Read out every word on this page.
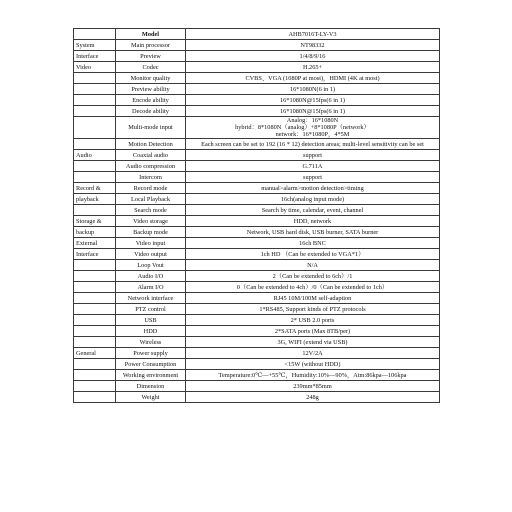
	Model	AHB7016T-LY-V3
System	Main processor	NT98332
Interface	Preview	1/4/8/9/16
Video	Codec	H.265+
	Monitor quality	CVBS、VGA (1080P at most)，HDMI (4K at most)
	Preview ability	16*1080N(6 in 1)
	Encode ability	16*1080N@15fps(6 in 1)
	Decode ability	16*1080N@15fps(6 in 1)
	Multi-mode input	Analog：16*1080N
hybrid：8*1080N（analog）+8*1080P（network）
network：16*1080P，4*5M

	Motion Detection	Each screen can be set to 192 (16 * 12) detection areas; multi-level sensitivity can be set
Audio	Coaxial audio	support
	Audio compression	G.711A
	Intercom	support
Record &	Record mode	manual>alarm>motion detection>timing
playback	Local Playback	16ch(analog input mode)
	Search mode	Search by time, calendar, event, channel
Storage &	Video storage	HDD, network
backup	Backup mode	Network, USB hard disk, USB burner, SATA burner
External	Video input	16ch BNC
Interface	Video output	1ch HD （Can be extended to VGA*1）
	Loop Vout	N/A
	Audio I/O	2（Can be extended to 6ch）/1
	Alarm I/O	0（Can be extended to 4ch）/0（Can be extended to 1ch）
	Network interface	RJ45 10M/100M self-adaption
	PTZ control	1*RS485, Support kinds of PTZ protocols
	USB	2* USB 2.0 ports
	HDD	2*SATA ports (Max 8TB/per)
	Wireless	3G, WIFI (extend via USB)
General	Power supply	12V/2A
	Power Consumption	<15W (without HDD)
	Working environment	Temperature:0℃—+55℃，Humidity:10%—90%，Atm:86kpa—106kpa
	Dimension	239mm*85mm
	Weight	248g
